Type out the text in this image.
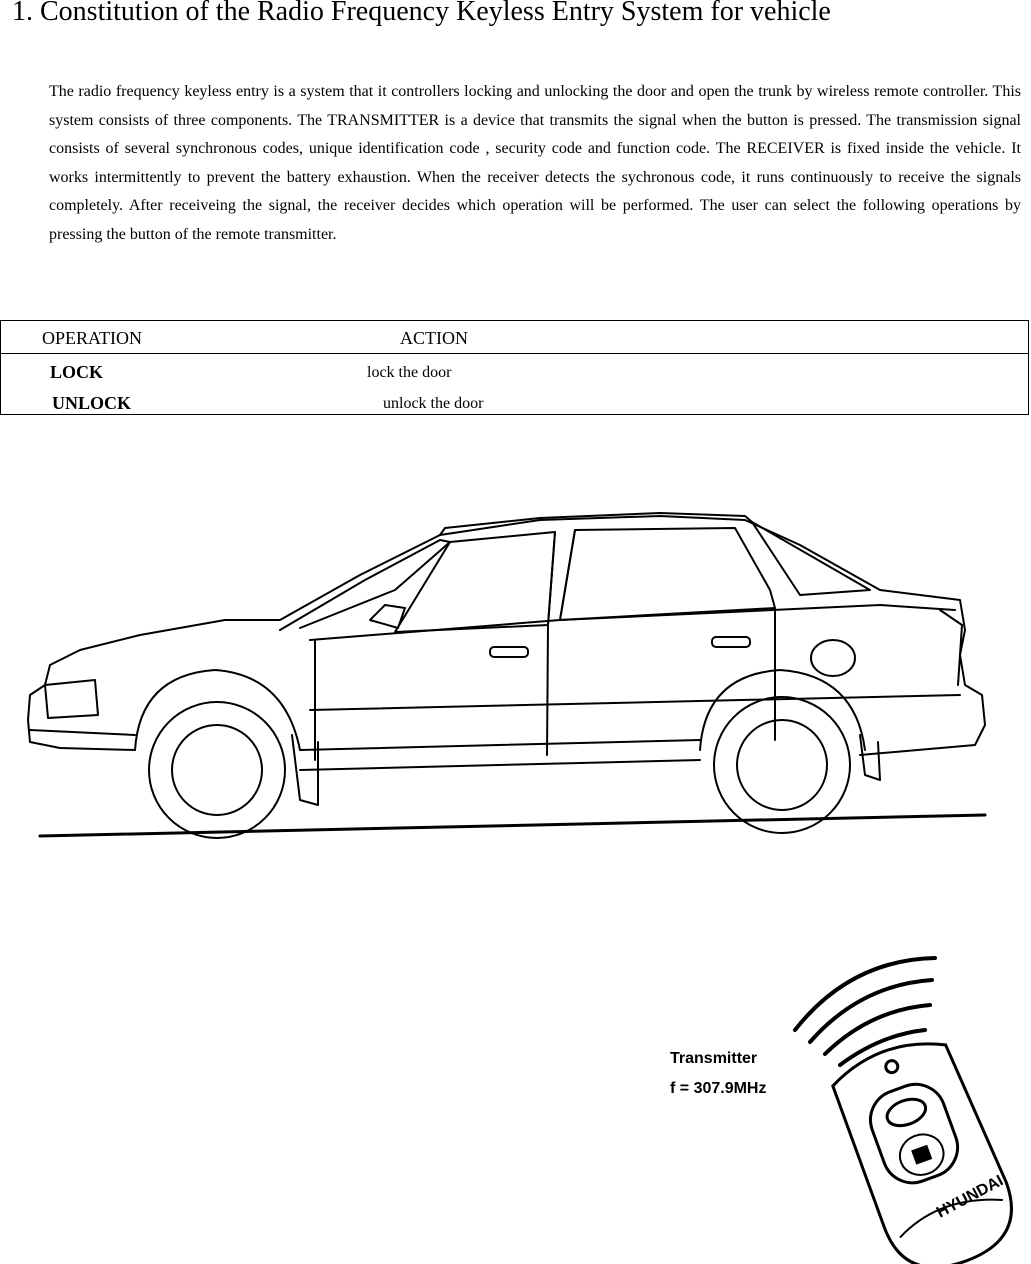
1. Constitution of the Radio Frequency Keyless Entry System for vehicle

The radio frequency keyless entry is a system that it controllers locking and unlocking the door and open the trunk by wireless remote controller. This system consists of three components. The TRANSMITTER is a device that transmits the signal when the button is pressed. The transmission signal consists of several synchronous codes, unique identification code , security code and function code. The RECEIVER is fixed inside the vehicle. It works intermittently to prevent the battery exhaustion. When the receiver detects the sychronous code, it runs continuously to receive the signals completely. After receiveing the signal, the receiver decides which operation will be performed. The user can select the following operations by pressing the button of the remote transmitter.

OPERATION	ACTION
LOCK	lock the door
UNLOCK	unlock the door
HYUNDAI
Transmitter
f = 307.9MHz
